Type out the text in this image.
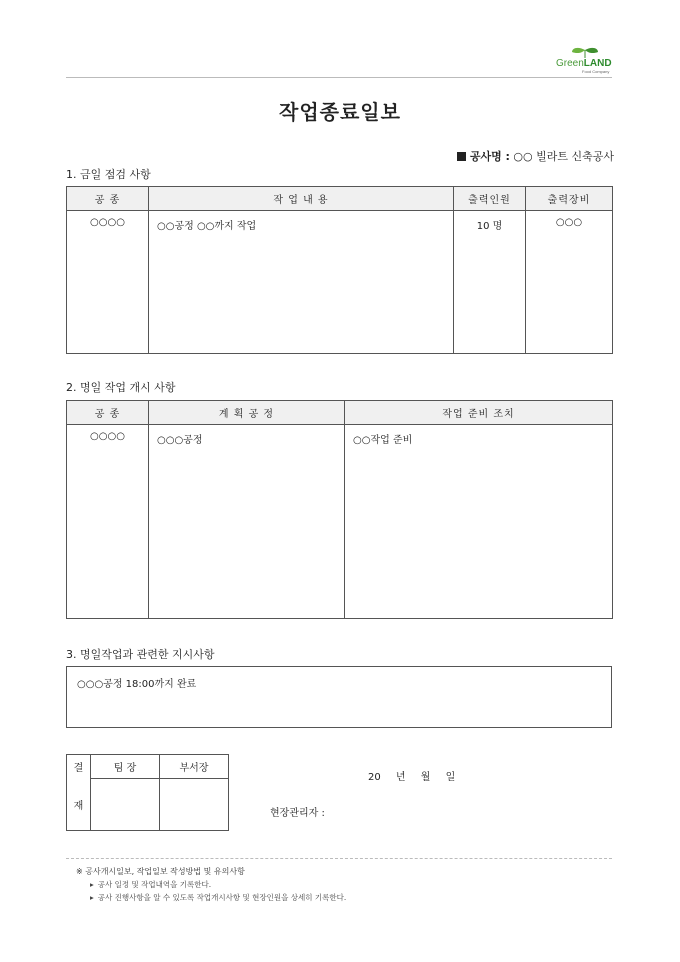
GreenLAND
Food Company
작업종료일보
공사명 : ○○ 빌라트 신축공사
1. 금일 점검 사항
공 종	작 업 내 용	출력인원	출력장비
○○○○	○○공정 ○○까지 작업	10 명	○○○
2. 명일 작업 개시 사항
공 종	계 획 공 정	작업 준비 조치
○○○○	○○○공정	○○작업 준비
3. 명일작업과 관련한 지시사항
○○○공정 18:00까지 완료
결	팀 장	부서장
재		
20 년 월 일
현장관리자 :
※ 공사개시일보, 작업일보 작성방법 및 유의사항
▸ 공사 일정 및 작업내역을 기록한다.
▸ 공사 진행사항을 알 수 있도록 작업개시사항 및 현장인원을 상세히 기록한다.
